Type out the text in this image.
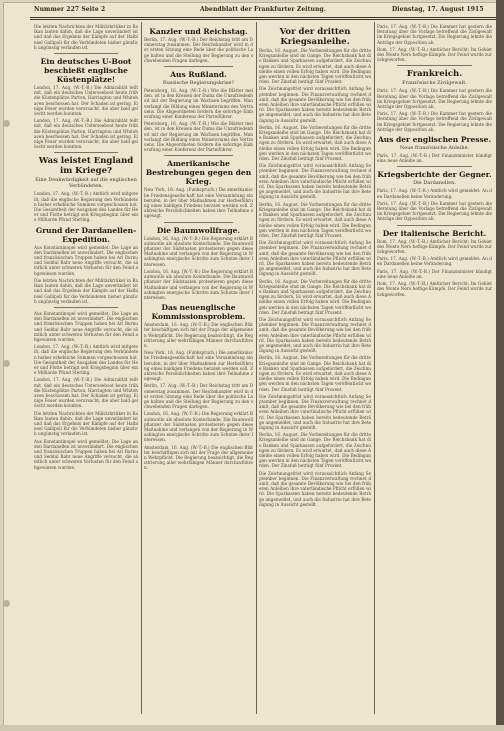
Nummer 227 Seite 2	Abendblatt der Frankfurter Zeitung.	Dienstag, 17. August 1915
Die letzten Nachrichten der Militärkritiker in Balkan lauten dahin, daß die Lage unverändert ist und daß das Ergebnis der Kämpfe auf der Halbinsel Gallipoli für die Verbündeten bisher gänzlich ungünstig verlaufen ist.
Ein deutsches U-Boot beschießt englische Küstenplätze!
London, 17. Aug. (W.-T.-B.) Die Admiralität teilt mit, daß ein deutsches Unterseeboot heute früh die Küstenplätze Parton, Harrington und Whitehaven beschossen hat. Der Schaden ist gering. Einige Feuer wurden verursacht, die aber bald gelöscht werden konnten.
London, 17. Aug. (W.-T.-B.) Die Admiralität teilt mit, daß ein deutsches Unterseeboot heute früh die Küstenplätze Parton, Harrington und Whitehaven beschossen hat. Der Schaden ist gering. Einige Feuer wurden verursacht, die aber bald gelöscht werden konnten.
Was leistet England im Kriege?
Eine Denkwürdigkeit auf die englischen Verbündeten.
London, 17. Aug. (W.-T.-B.) Amtlich wird mitgeteilt, daß die englische Regierung den Verbündeten bisher erhebliche Summen vorgeschossen hat. Die Gesamtheit der Ausgaben des Landes für Heer und Flotte beträgt seit Kriegsbeginn über eine Milliarde Pfund Sterling.
Grund der Dardanellen-Expedition.
Aus Konstantinopel wird gemeldet: Die Lage an den Dardanellen ist unverändert. Die englischen und französischen Truppen haben bei Ari Burnu und Seddul Bahr neue Angriffe versucht, die sämtlich unter schweren Verlusten für den Feind abgewiesen wurden.
Die letzten Nachrichten der Militärkritiker in Balkan lauten dahin, daß die Lage unverändert ist und daß das Ergebnis der Kämpfe auf der Halbinsel Gallipoli für die Verbündeten bisher gänzlich ungünstig verlaufen ist.
Aus Konstantinopel wird gemeldet: Die Lage an den Dardanellen ist unverändert. Die englischen und französischen Truppen haben bei Ari Burnu und Seddul Bahr neue Angriffe versucht, die sämtlich unter schweren Verlusten für den Feind abgewiesen wurden.
London, 17. Aug. (W.-T.-B.) Amtlich wird mitgeteilt, daß die englische Regierung den Verbündeten bisher erhebliche Summen vorgeschossen hat. Die Gesamtheit der Ausgaben des Landes für Heer und Flotte beträgt seit Kriegsbeginn über eine Milliarde Pfund Sterling.
London, 17. Aug. (W.-T.-B.) Die Admiralität teilt mit, daß ein deutsches Unterseeboot heute früh die Küstenplätze Parton, Harrington und Whitehaven beschossen hat. Der Schaden ist gering. Einige Feuer wurden verursacht, die aber bald gelöscht werden konnten.
Die letzten Nachrichten der Militärkritiker in Balkan lauten dahin, daß die Lage unverändert ist und daß das Ergebnis der Kämpfe auf der Halbinsel Gallipoli für die Verbündeten bisher gänzlich ungünstig verlaufen ist.
Aus Konstantinopel wird gemeldet: Die Lage an den Dardanellen ist unverändert. Die englischen und französischen Truppen haben bei Ari Burnu und Seddul Bahr neue Angriffe versucht, die sämtlich unter schweren Verlusten für den Feind abgewiesen wurden.
Kanzler und Reichstag.
Berlin, 17. Aug. (W.-T.-B.) Der Reichstag tritt am Donnerstag zusammen. Der Reichskanzler wird in der ersten Sitzung eine Rede über die politische Lage halten und die Stellung der Regierung zu den schwebenden Fragen darlegen.
Aus Rußland.
Russische Regierungskrise?
Petersburg, 16. Aug. (W.-T.-B.) Wie die Blätter melden, ist in den Kreisen der Duma die Unzufriedenheit mit der Regierung im Wachsen begriffen. Man verlangt die Bildung eines Ministeriums des Vertrauens. Die Abgeordneten fordern die sofortige Einberufung einer Konferenz der Parteiführer.
Petersburg, 16. Aug. (W.-T.-B.) Wie die Blätter melden, ist in den Kreisen der Duma die Unzufriedenheit mit der Regierung im Wachsen begriffen. Man verlangt die Bildung eines Ministeriums des Vertrauens. Die Abgeordneten fordern die sofortige Einberufung einer Konferenz der Parteiführer.
Amerikanische Bestrebungen gegen den Krieg.
New York, 16. Aug. (Funkspruch.) Die amerikanische Friedensgesellschaft hat eine Versammlung einberufen, in der über Maßnahmen zur Herbeiführung eines baldigen Friedens beraten werden soll. Zahlreiche Persönlichkeiten haben ihre Teilnahme zugesagt.
Die Baumwollfrage.
London, 16. Aug. (W.-T.-B.) Die Regierung erklärt Baumwolle als absolute Konterbande. Die Baumwollpflanzer der Südstaaten protestieren gegen diese Maßnahme und verlangen von der Regierung in Washington energische Schritte zum Schutze ihrer Interessen.
London, 16. Aug. (W.-T.-B.) Die Regierung erklärt Baumwolle als absolute Konterbande. Die Baumwollpflanzer der Südstaaten protestieren gegen diese Maßnahme und verlangen von der Regierung in Washington energische Schritte zum Schutze ihrer Interessen.
Das neuenglische Kommissionsproblem.
Amsterdam, 16. Aug. (W.-T.-B.) Die englischen Blätter beschäftigen sich mit der Frage der allgemeinen Wehrpflicht. Die Regierung beabsichtigt, die Registrierung aller wehrfähigen Männer durchzuführen.
New York, 16. Aug. (Funkspruch.) Die amerikanische Friedensgesellschaft hat eine Versammlung einberufen, in der über Maßnahmen zur Herbeiführung eines baldigen Friedens beraten werden soll. Zahlreiche Persönlichkeiten haben ihre Teilnahme zugesagt.
Berlin, 17. Aug. (W.-T.-B.) Der Reichstag tritt am Donnerstag zusammen. Der Reichskanzler wird in der ersten Sitzung eine Rede über die politische Lage halten und die Stellung der Regierung zu den schwebenden Fragen darlegen.
London, 16. Aug. (W.-T.-B.) Die Regierung erklärt Baumwolle als absolute Konterbande. Die Baumwollpflanzer der Südstaaten protestieren gegen diese Maßnahme und verlangen von der Regierung in Washington energische Schritte zum Schutze ihrer Interessen.
Amsterdam, 16. Aug. (W.-T.-B.) Die englischen Blätter beschäftigen sich mit der Frage der allgemeinen Wehrpflicht. Die Regierung beabsichtigt, die Registrierung aller wehrfähigen Männer durchzuführen.
Vor der dritten Kriegsanleihe.
Berlin, 16. August. Die Vorbereitungen für die dritte Kriegsanleihe sind im Gange. Die Reichsbank hat die Banken und Sparkassen aufgefordert, die Zeichnungen zu fördern. Es wird erwartet, daß auch diese Anleihe einen vollen Erfolg haben wird. Die Bedingungen werden in den nächsten Tagen veröffentlicht werden. Der Zinsfuß beträgt fünf Prozent.
Die Zeichnungsfrist wird voraussichtlich Anfang September beginnen. Die Finanzverwaltung rechnet damit, daß die gesamte Bevölkerung wie bei den früheren Anleihen ihre vaterländische Pflicht erfüllen wird. Die Sparkassen haben bereits bedeutende Beträge angemeldet, und auch die Industrie hat ihre Beteiligung in Aussicht gestellt.
Berlin, 16. August. Die Vorbereitungen für die dritte Kriegsanleihe sind im Gange. Die Reichsbank hat die Banken und Sparkassen aufgefordert, die Zeichnungen zu fördern. Es wird erwartet, daß auch diese Anleihe einen vollen Erfolg haben wird. Die Bedingungen werden in den nächsten Tagen veröffentlicht werden. Der Zinsfuß beträgt fünf Prozent.
Die Zeichnungsfrist wird voraussichtlich Anfang September beginnen. Die Finanzverwaltung rechnet damit, daß die gesamte Bevölkerung wie bei den früheren Anleihen ihre vaterländische Pflicht erfüllen wird. Die Sparkassen haben bereits bedeutende Beträge angemeldet, und auch die Industrie hat ihre Beteiligung in Aussicht gestellt.
Berlin, 16. August. Die Vorbereitungen für die dritte Kriegsanleihe sind im Gange. Die Reichsbank hat die Banken und Sparkassen aufgefordert, die Zeichnungen zu fördern. Es wird erwartet, daß auch diese Anleihe einen vollen Erfolg haben wird. Die Bedingungen werden in den nächsten Tagen veröffentlicht werden. Der Zinsfuß beträgt fünf Prozent.
Die Zeichnungsfrist wird voraussichtlich Anfang September beginnen. Die Finanzverwaltung rechnet damit, daß die gesamte Bevölkerung wie bei den früheren Anleihen ihre vaterländische Pflicht erfüllen wird. Die Sparkassen haben bereits bedeutende Beträge angemeldet, und auch die Industrie hat ihre Beteiligung in Aussicht gestellt.
Berlin, 16. August. Die Vorbereitungen für die dritte Kriegsanleihe sind im Gange. Die Reichsbank hat die Banken und Sparkassen aufgefordert, die Zeichnungen zu fördern. Es wird erwartet, daß auch diese Anleihe einen vollen Erfolg haben wird. Die Bedingungen werden in den nächsten Tagen veröffentlicht werden. Der Zinsfuß beträgt fünf Prozent.
Die Zeichnungsfrist wird voraussichtlich Anfang September beginnen. Die Finanzverwaltung rechnet damit, daß die gesamte Bevölkerung wie bei den früheren Anleihen ihre vaterländische Pflicht erfüllen wird. Die Sparkassen haben bereits bedeutende Beträge angemeldet, und auch die Industrie hat ihre Beteiligung in Aussicht gestellt.
Berlin, 16. August. Die Vorbereitungen für die dritte Kriegsanleihe sind im Gange. Die Reichsbank hat die Banken und Sparkassen aufgefordert, die Zeichnungen zu fördern. Es wird erwartet, daß auch diese Anleihe einen vollen Erfolg haben wird. Die Bedingungen werden in den nächsten Tagen veröffentlicht werden. Der Zinsfuß beträgt fünf Prozent.
Die Zeichnungsfrist wird voraussichtlich Anfang September beginnen. Die Finanzverwaltung rechnet damit, daß die gesamte Bevölkerung wie bei den früheren Anleihen ihre vaterländische Pflicht erfüllen wird. Die Sparkassen haben bereits bedeutende Beträge angemeldet, und auch die Industrie hat ihre Beteiligung in Aussicht gestellt.
Berlin, 16. August. Die Vorbereitungen für die dritte Kriegsanleihe sind im Gange. Die Reichsbank hat die Banken und Sparkassen aufgefordert, die Zeichnungen zu fördern. Es wird erwartet, daß auch diese Anleihe einen vollen Erfolg haben wird. Die Bedingungen werden in den nächsten Tagen veröffentlicht werden. Der Zinsfuß beträgt fünf Prozent.
Die Zeichnungsfrist wird voraussichtlich Anfang September beginnen. Die Finanzverwaltung rechnet damit, daß die gesamte Bevölkerung wie bei den früheren Anleihen ihre vaterländische Pflicht erfüllen wird. Die Sparkassen haben bereits bedeutende Beträge angemeldet, und auch die Industrie hat ihre Beteiligung in Aussicht gestellt.
Paris, 17. Aug. (W.-T.-B.) Die Kammer hat gestern die Beratung über die Vorlage betreffend die Zivilgewalt im Kriegsgebiet fortgesetzt. Die Regierung lehnte die Anträge der Opposition ab.
Rom, 17. Aug. (W.-T.-B.) Amtlicher Bericht: Im Gebiet des Monte Nero heftige Kämpfe. Der Feind wurde zurückgeworfen.
Frankreich.
Französische Zivilgewalt.
Paris, 17. Aug. (W.-T.-B.) Die Kammer hat gestern die Beratung über die Vorlage betreffend die Zivilgewalt im Kriegsgebiet fortgesetzt. Die Regierung lehnte die Anträge der Opposition ab.
Paris, 17. Aug. (W.-T.-B.) Die Kammer hat gestern die Beratung über die Vorlage betreffend die Zivilgewalt im Kriegsgebiet fortgesetzt. Die Regierung lehnte die Anträge der Opposition ab.
Aus der englischen Presse.
Neue französische Anleihe.
Paris, 17. Aug. (W.-T.-B.) Der Finanzminister kündigt eine neue Anleihe an.
Kriegsberichte der Gegner.
Die Dardanellen.
Paris, 17. Aug. (W.-T.-B.) Amtlich wird gemeldet: An den Dardanellen keine Veränderung.
Paris, 17. Aug. (W.-T.-B.) Die Kammer hat gestern die Beratung über die Vorlage betreffend die Zivilgewalt im Kriegsgebiet fortgesetzt. Die Regierung lehnte die Anträge der Opposition ab.
Der italienische Bericht.
Rom, 17. Aug. (W.-T.-B.) Amtlicher Bericht: Im Gebiet des Monte Nero heftige Kämpfe. Der Feind wurde zurückgeworfen.
Paris, 17. Aug. (W.-T.-B.) Amtlich wird gemeldet: An den Dardanellen keine Veränderung.
Paris, 17. Aug. (W.-T.-B.) Der Finanzminister kündigt eine neue Anleihe an.
Rom, 17. Aug. (W.-T.-B.) Amtlicher Bericht: Im Gebiet des Monte Nero heftige Kämpfe. Der Feind wurde zurückgeworfen.
